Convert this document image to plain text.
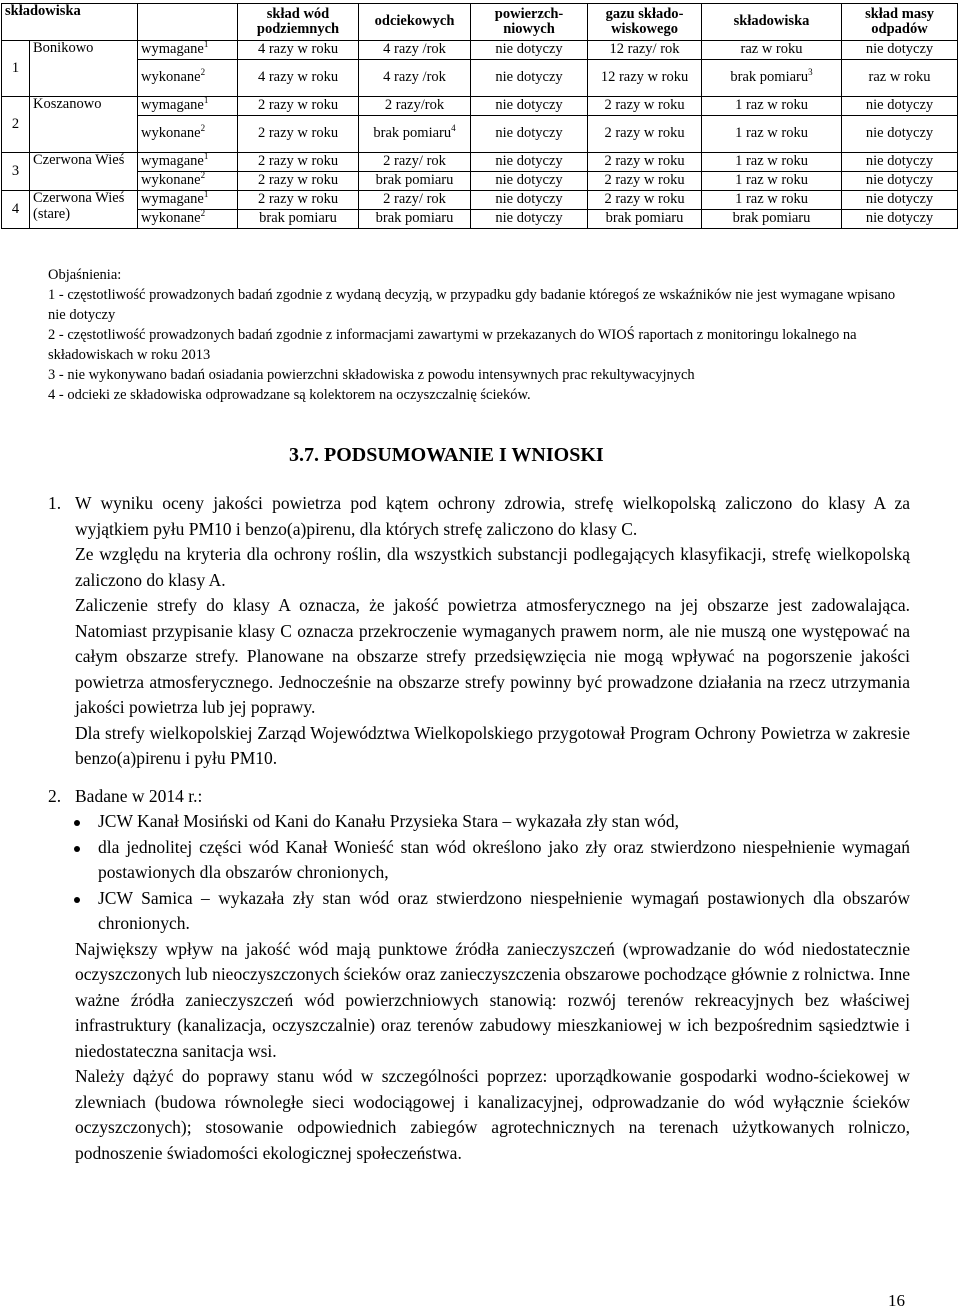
składowiska			skład wód podziemnych	odciekowych	powierzchniowych	gazu składowiskowego	składowiska	skład masy odpadów
1	Bonikowo	wymagane$^1$	4 razy w roku	4 razy /rok	nie dotyczy	12 razy/ rok	raz w roku	nie dotyczy
		wykonane$^2$	4 razy w roku	4 razy /rok	nie dotyczy	12 razy w roku	brak pomiaru$^3$	raz w roku
2	Koszanowo	wymagane$^1$	2 razy w roku	2 razy/rok	nie dotyczy	2 razy w roku	1 raz w roku	nie dotyczy
		wykonane$^2$	2 razy w roku	brak pomiaru$^4$	nie dotyczy	2 razy w roku	1 raz w roku	nie dotyczy
3	Czerwona Wieś	wymagane$^1$	2 razy w roku	2 razy/ rok	nie dotyczy	2 razy w roku	1 raz w roku	nie dotyczy
		wykonane$^2$	2 razy w roku	brak pomiaru	nie dotyczy	2 razy w roku	1 raz w roku	nie dotyczy
4	Czerwona Wieś (stare)	wymagane$^1$	2 razy w roku	2 razy/ rok	nie dotyczy	2 razy w roku	1 raz w roku	nie dotyczy
		wykonane$^2$	brak pomiaru	brak pomiaru	nie dotyczy	brak pomiaru	brak pomiaru	nie dotyczy

Objaśnienia:

1 - częstotliwość prowadzonych badań zgodnie z wydaną decyzją, w przypadku gdy badanie któregoś ze wskaźników nie jest wymagane wpisano nie dotyczy

2 - częstotliwość prowadzonych badań zgodnie z informacjami zawartymi w przekazanych do WIOŚ raportach z monitoringu lokalnego na składowiskach w roku 2013

3 - nie wykonywano badań osiadania powierzchni składowiska z powodu intensywnych prac rekultywacyjnych

4 - odcieki ze składowiska odprowadzane są kolektorem na oczyszczalnię ścieków.

3.7. PODSUMOWANIE I WNIOSKI

1. W wyniku oceny jakości powietrza pod kątem ochrony zdrowia, strefę wielkopolską zaliczono do klasy A za wyjątkiem pyłu PM10 i benzo(a)pirenu, dla których strefę zaliczono do klasy C.

Ze względu na kryteria dla ochrony roślin, dla wszystkich substancji podlegających klasyfikacji, strefę wielkopolską zaliczono do klasy A.

Zaliczenie strefy do klasy A oznacza, że jakość powietrza atmosferycznego na jej obszarze jest zadowalająca. Natomiast przypisanie klasy C oznacza przekroczenie wymaganych prawem norm, ale nie muszą one występować na całym obszarze strefy. Planowane na obszarze strefy przedsięwzięcia nie mogą wpływać na pogorszenie jakości powietrza atmosferycznego. Jednocześnie na obszarze strefy powinny być prowadzone działania na rzecz utrzymania jakości powietrza lub jej poprawy.

Dla strefy wielkopolskiej Zarząd Województwa Wielkopolskiego przygotował Program Ochrony Powietrza w zakresie benzo(a)pirenu i pyłu PM10.

2. Badane w 2014 r.:

JCW Kanał Mosiński od Kani do Kanału Przysieka Stara – wykazała zły stan wód,
dla jednolitej części wód Kanał Wonieść stan wód określono jako zły oraz stwierdzono niespełnienie wymagań postawionych dla obszarów chronionych,
JCW Samica – wykazała zły stan wód oraz stwierdzono niespełnienie wymagań postawionych dla obszarów chronionych.

Największy wpływ na jakość wód mają punktowe źródła zanieczyszczeń (wprowadzanie do wód niedostatecznie oczyszczonych lub nieoczyszczonych ścieków oraz zanieczyszczenia obszarowe pochodzące głównie z rolnictwa. Inne ważne źródła zanieczyszczeń wód powierzchniowych stanowią: rozwój terenów rekreacyjnych bez właściwej infrastruktury (kanalizacja, oczyszczalnie) oraz terenów zabudowy mieszkaniowej w ich bezpośrednim sąsiedztwie i niedostateczna sanitacja wsi.

Należy dążyć do poprawy stanu wód w szczególności poprzez: uporządkowanie gospodarki wodno-ściekowej w zlewniach (budowa równoległe sieci wodociągowej i kanalizacyjnej, odprowadzanie do wód wyłącznie ścieków oczyszczonych); stosowanie odpowiednich zabiegów agrotechnicznych na terenach użytkowanych rolniczo, podnoszenie świadomości ekologicznej społeczeństwa.

16
